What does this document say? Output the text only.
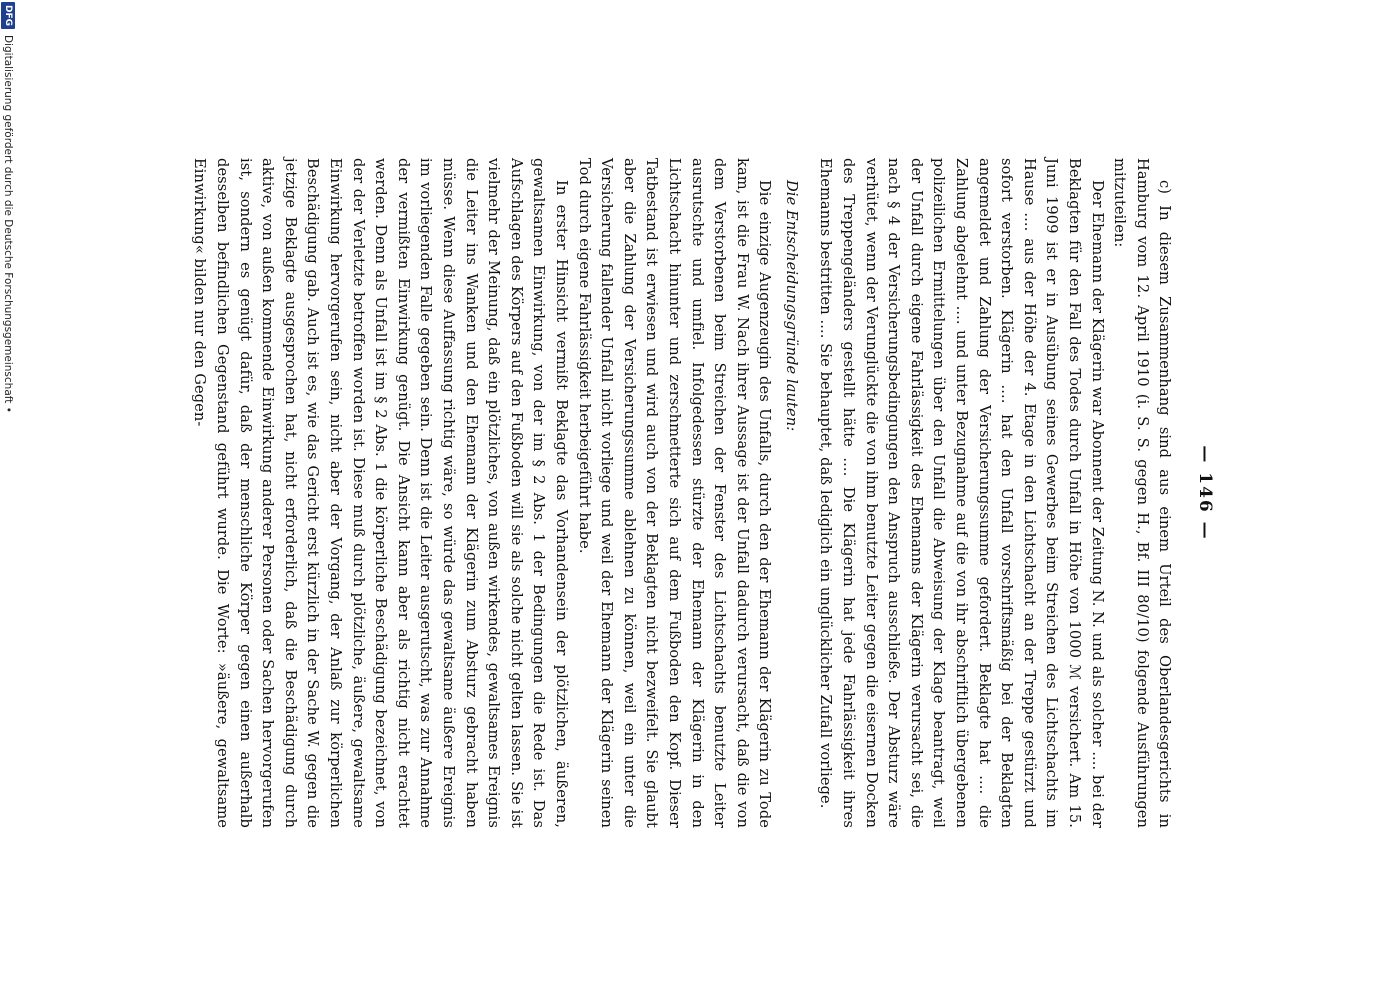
DFG
Digitalisierung gefördert durch die Deutsche Forschungsgemeinschaft •
— 146 —

c) In diesem Zusammenhang sind aus einem Urteil des Oberlandesgerichts in Hamburg vom 12. April 1910 (i. S. S. gegen H., Bf. III 80/10) folgende Ausführungen mitzuteilen:

Der Ehemann der Klägerin war Abonnent der Zeitung N. N. und als solcher .... bei der Beklagten für den Fall des Todes durch Unfall in Höhe von 1000 ℳ versichert. Am 15. Juni 1909 ist er in Ausübung seines Gewerbes beim Streichen des Lichtschachts im Hause .... aus der Höhe der 4. Etage in den Lichtschacht an der Treppe gestürzt und sofort verstorben. Klägerin .... hat den Unfall vorschriftsmäßig bei der Beklagten angemeldet und Zahlung der Versicherungssumme gefordert. Beklagte hat .... die Zahlung abgelehnt .... und unter Bezugnahme auf die von ihr abschriftlich übergebenen polizeilichen Ermittelungen über den Unfall die Abweisung der Klage beantragt, weil der Unfall durch eigene Fahrlässigkeit des Ehemanns der Klägerin verursacht sei, die nach § 4 der Versicherungsbedingungen den Anspruch ausschließe. Der Absturz wäre verhütet, wenn der Verunglückte die von ihm benutzte Leiter gegen die eisernen Docken des Treppengeländers gestellt hätte .... Die Klägerin hat jede Fahrlässigkeit ihres Ehemanns bestritten .... Sie behauptet, daß lediglich ein unglücklicher Zufall vorliege.

Die Entscheidungsgründe lauten:

Die einzige Augenzeugin des Unfalls, durch den der Ehemann der Klägerin zu Tode kam, ist die Frau W. Nach ihrer Aussage ist der Unfall dadurch verursacht, daß die von dem Verstorbenen beim Streichen der Fenster des Lichtschachts benutzte Leiter ausrutschte und umfiel. Infolgedessen stürzte der Ehemann der Klägerin in den Lichtschacht hinunter und zerschmetterte sich auf dem Fußboden den Kopf. Dieser Tatbestand ist erwiesen und wird auch von der Beklagten nicht bezweifelt. Sie glaubt aber die Zahlung der Versicherungssumme ablehnen zu können, weil ein unter die Versicherung fallender Unfall nicht vorliege und weil der Ehemann der Klägerin seinen Tod durch eigene Fahrlässigkeit herbeigeführt habe.

In erster Hinsicht vermißt Beklagte das Vorhandensein der plötzlichen, äußeren, gewaltsamen Einwirkung, von der im § 2 Abs. 1 der Bedingungen die Rede ist. Das Aufschlagen des Körpers auf den Fußboden will sie als solche nicht gelten lassen. Sie ist vielmehr der Meinung, daß ein plötzliches, von außen wirkendes, gewaltsames Ereignis die Leiter ins Wanken und den Ehemann der Klägerin zum Absturz gebracht haben müsse. Wenn diese Auffassung richtig wäre, so würde das gewaltsame äußere Ereignis im vorliegenden Falle gegeben sein. Denn ist die Leiter ausgerutscht, was zur Annahme der vermißten Einwirkung genügt. Die Ansicht kann aber als richtig nicht erachtet werden. Denn als Unfall ist im § 2 Abs. 1 die körperliche Beschädigung bezeichnet, von der der Verletzte betroffen worden ist. Diese muß durch plötzliche, äußere, gewaltsame Einwirkung hervorgerufen sein, nicht aber der Vorgang, der Anlaß zur körperlichen Beschädigung gab. Auch ist es, wie das Gericht erst kürzlich in der Sache W. gegen die jetzige Beklagte ausgesprochen hat, nicht erforderlich, daß die Beschädigung durch aktive, von außen kommende Einwirkung anderer Personen oder Sachen hervorgerufen ist, sondern es genügt dafür, daß der menschliche Körper gegen einen außerhalb desselben befindlichen Gegenstand geführt wurde. Die Worte: »äußere, gewaltsame Einwirkung« bilden nur den Gegen-
